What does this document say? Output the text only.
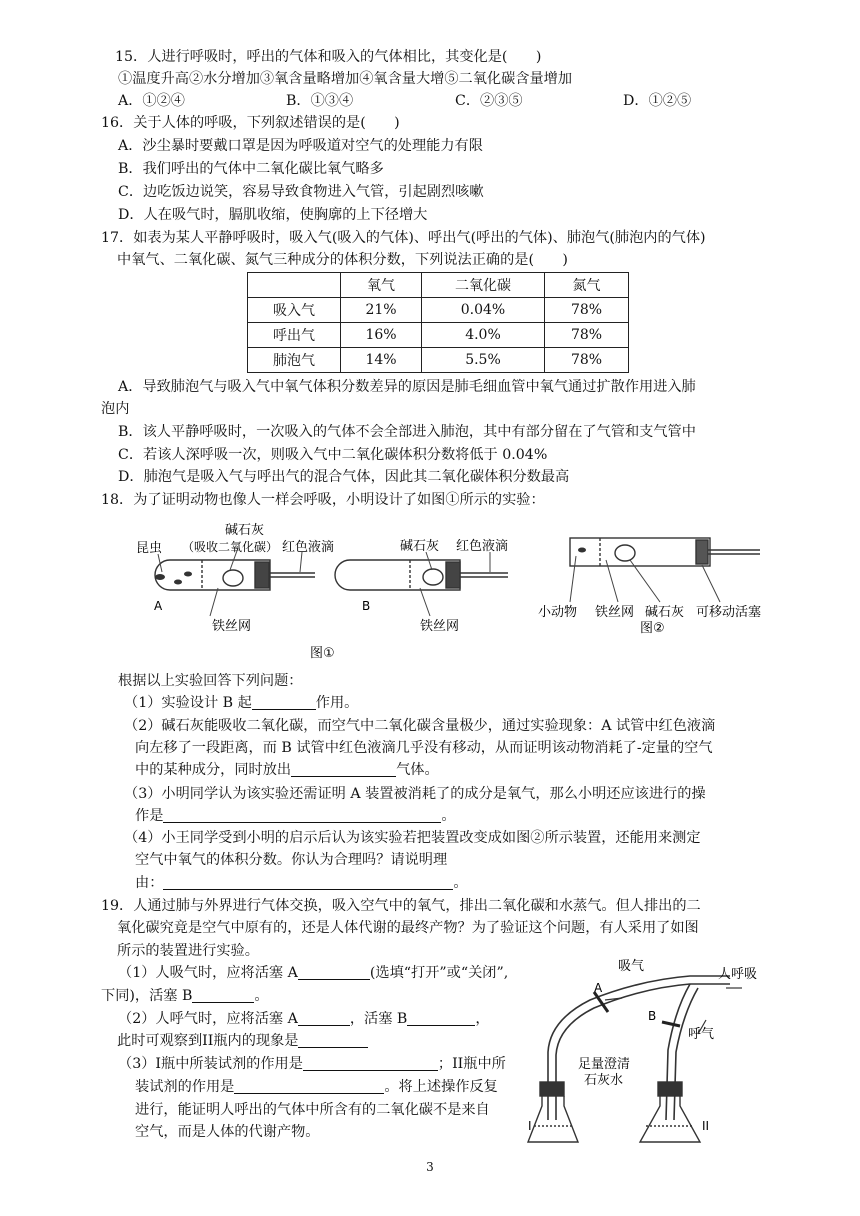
15．人进行呼吸时，呼出的气体和吸入的气体相比，其变化是(　　)
①温度升高②水分增加③氧含量略增加④氧含量大增⑤二氧化碳含量增加
A．①②④	B．①③④	C．②③⑤	D．①②⑤
16．关于人体的呼吸，下列叙述错误的是(　　)
A．沙尘暴时要戴口罩是因为呼吸道对空气的处理能力有限
B．我们呼出的气体中二氧化碳比氧气略多
C．边吃饭边说笑，容易导致食物进入气管，引起剧烈咳嗽
D．人在吸气时，膈肌收缩，使胸廓的上下径增大
17．如表为某人平静呼吸时，吸入气(吸入的气体)、呼出气(呼出的气体)、肺泡气(肺泡内的气体)
中氧气、二氧化碳、氮气三种成分的体积分数，下列说法正确的是(　　)
	氧气	二氧化碳	氮气
吸入气	21%	0.04%	78%
呼出气	16%	4.0%	78%
肺泡气	14%	5.5%	78%
A．导致肺泡气与吸入气中氧气体积分数差异的原因是肺毛细血管中氧气通过扩散作用进入肺
泡内
B．该人平静呼吸时，一次吸入的气体不会全部进入肺泡，其中有部分留在了气管和支气管中
C．若该人深呼吸一次，则吸入气中二氧化碳体积分数将低于 0.04%
D．肺泡气是吸入气与呼出气的混合气体，因此其二氧化碳体积分数最高
18．为了证明动物也像人一样会呼吸，小明设计了如图①所示的实验：
昆虫
碱石灰
（吸收二氧化碳） 红色液滴
A
铁丝网
图①
碱石灰 红色液滴
B
铁丝网
小动物 铁丝网 碱石灰 可移动活塞
图②
根据以上实验回答下列问题：
（1）实验设计 B 起	作用。
（2）碱石灰能吸收二氧化碳，而空气中二氧化碳含量极少，通过实验现象：A 试管中红色液滴
向左移了一段距离，而 B 试管中红色液滴几乎没有移动，从而证明该动物消耗了-定量的空气
中的某种成分，同时放出	气体。
（3）小明同学认为该实验还需证明 A 装置被消耗了的成分是氧气，那么小明还应该进行的操
作是	。
（4）小王同学受到小明的启示后认为该实验若把装置改变成如图②所示装置，还能用来测定
空气中氧气的体积分数。你认为合理吗？请说明理
由：	。
19．人通过肺与外界进行气体交换，吸入空气中的氧气，排出二氧化碳和水蒸气。但人排出的二
氧化碳究竟是空气中原有的，还是人体代谢的最终产物？为了验证这个问题，有人采用了如图
所示的装置进行实验。
（1）人吸气时，应将活塞 A	(选填“打开”或“关闭”,
下同)，活塞 B	。
（2）人呼气时，应将活塞 A	，活塞 B	，
此时可观察到II瓶内的现象是
（3）I瓶中所装试剂的作用是	；II瓶中所
装试剂的作用是	。将上述操作反复
进行，能证明人呼出的气体中所含有的二氧化碳不是来自
空气，而是人体的代谢产物。
吸气
人呼吸
A
B
呼气
足量澄清
石灰水
I	II
3
